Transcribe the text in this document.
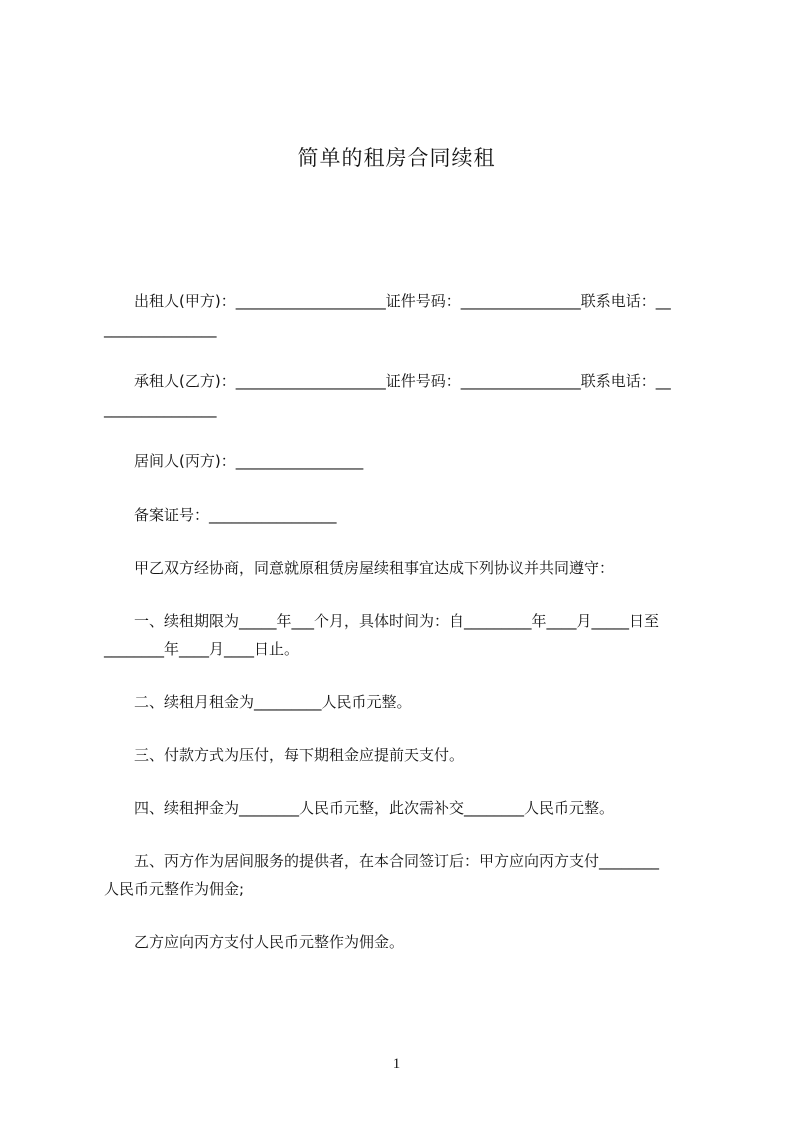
简单的租房合同续租
出租人(甲方)：____________________证件号码：________________联系电话：__
_______________
承租人(乙方)：____________________证件号码：________________联系电话：__
_______________
居间人(丙方)：_________________
备案证号：_________________
甲乙双方经协商，同意就原租赁房屋续租事宜达成下列协议并共同遵守：
一、续租期限为_____年___个月，具体时间为：自_________年____月_____日至
________年____月____日止。
二、续租月租金为_________人民币元整。
三、付款方式为压付，每下期租金应提前天支付。
四、续租押金为________人民币元整，此次需补交________人民币元整。
五、丙方作为居间服务的提供者，在本合同签订后：甲方应向丙方支付________
人民币元整作为佣金;
乙方应向丙方支付人民币元整作为佣金。
1
